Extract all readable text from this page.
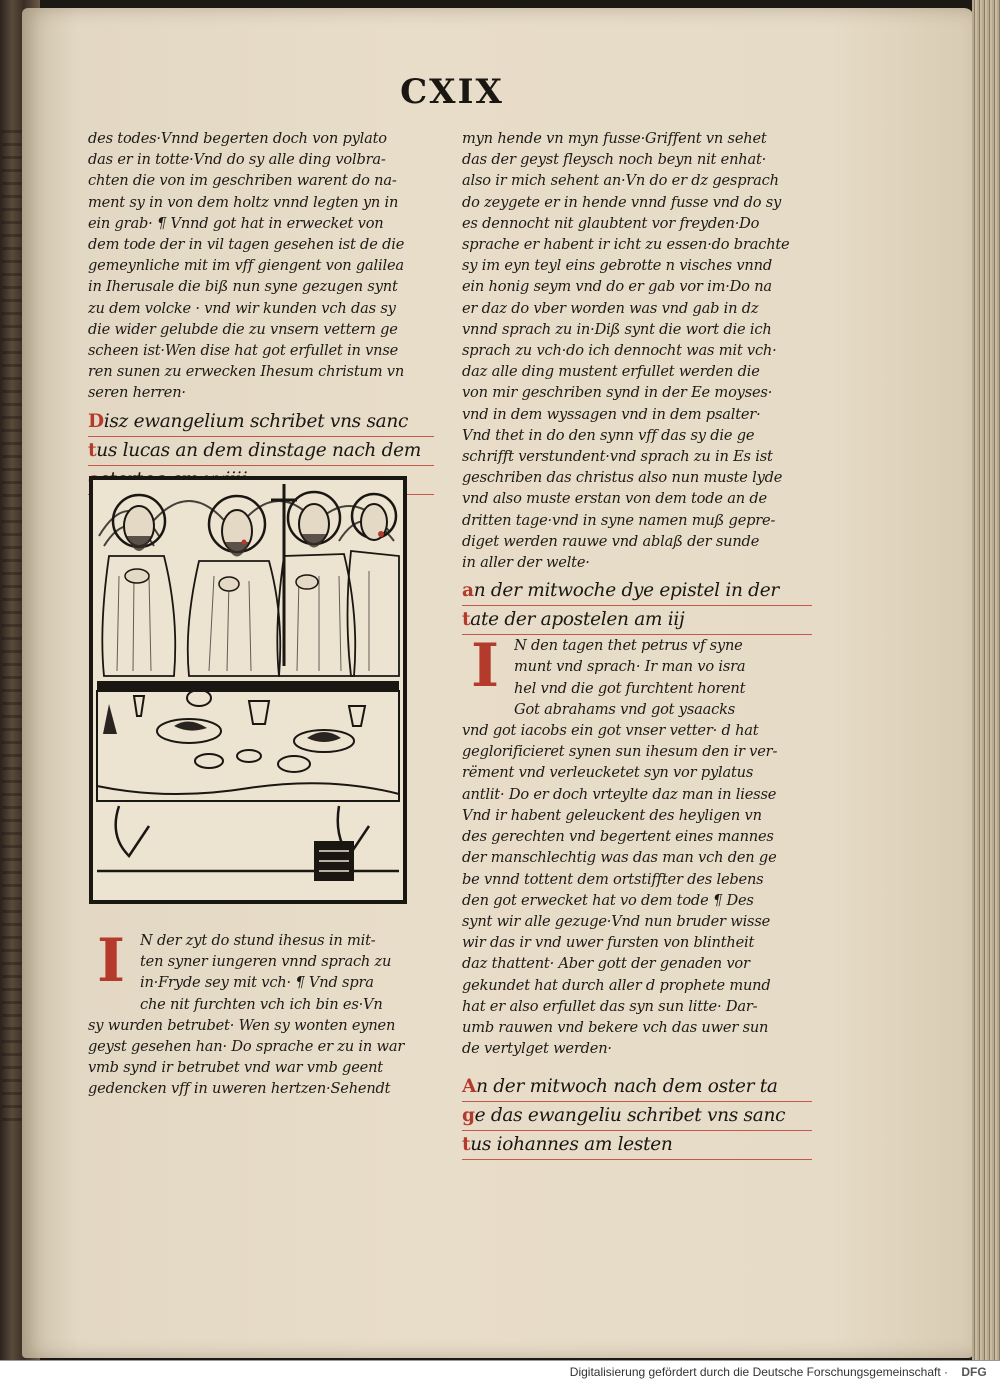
CXIX
des todes·Vnnd begerten doch von pylato
das er in totte·Vnd do sy alle ding volbra-
chten die von im geschriben warent do na-
ment sy in von dem holtz vnnd legten yn in
ein grab· ¶ Vnnd got hat in erwecket von
dem tode der in vil tagen gesehen ist de die
gemeynliche mit im vff giengent von galilea
in Iherusale die biß nun syne gezugen synt
zu dem volcke · vnd wir kunden vch das sy
die wider gelubde die zu vnsern vettern ge
scheen ist·Wen dise hat got erfullet in vnse
ren sunen zu erwecken Ihesum christum vn
seren herren·
Disz ewangelium schribet vns sanc
tus lucas an dem dinstage nach dem
I	N der zyt do stund ihesus in mit-
ten syner iungeren vnnd sprach zu
in·Fryde sey mit vch· ¶ Vnd spra
che nit furchten vch ich bin es·Vn
sy wurden betrubet· Wen sy wonten eynen
geyst gesehen han· Do sprache er zu in war
vmb synd ir betrubet vnd war vmb geent
gedencken vff in uweren hertzen·Sehendt
myn hende vn myn fusse·Griffent vn sehet
das der geyst fleysch noch beyn nit enhat·
also ir mich sehent an·Vn do er dz gesprach
do zeygete er in hende vnnd fusse vnd do sy
es dennocht nit glaubtent vor freyden·Do
sprache er habent ir icht zu essen·do brachte
sy im eyn teyl eins gebrotte n visches vnnd
ein honig seym vnd do er gab vor im·Do na
er daz do vber worden was vnd gab in dz
vnnd sprach zu in·Diß synt die wort die ich
sprach zu vch·do ich dennocht was mit vch·
daz alle ding mustent erfullet werden die
von mir geschriben synd in der Ee moyses·
vnd in dem wyssagen vnd in dem psalter·
Vnd thet in do den synn vff das sy die ge
schrifft verstundent·vnd sprach zu in Es ist
geschriben das christus also nun muste lyde
vnd also muste erstan von dem tode an de
dritten tage·vnd in syne namen muß gepre-
diget werden rauwe vnd ablaß der sunde
in aller der welte·
an der mitwoche dye epistel in der
tate der apostelen am iij
I	N den tagen thet petrus vf syne
munt vnd sprach· Ir man vo isra
hel vnd die got furchtent horent
Got abrahams vnd got ysaacks
vnd got iacobs ein got vnser vetter· d hat
geglorificieret synen sun ihesum den ir ver-
rётent vnd verleucketet syn vor pylatus
antlit· Do er doch vrteylte daz man in liesse
Vnd ir habent geleuckent des heyligen vn
des gerechten vnd begertent eines mannes
der manschlechtig was das man vch den ge
be vnnd tottent dem ortstiffter des lebens
den got erwecket hat vo dem tode ¶ Des
synt wir alle gezuge·Vnd nun bruder wisse
wir das ir vnd uwer fursten von blintheit
daz thattent· Aber gott der genaden vor
gekundet hat durch aller d prophete mund
hat er also erfullet das syn sun litte· Dar-
umb rauwen vnd bekere vch das uwer sun
de vertylget werden·
An der mitwoch nach dem oster ta
ge das ewangeliu schribet vns sanc
tus iohannes am lesten
Digitalisierung gefördert durch die Deutsche Forschungsgemeinschaft ·	DFG
